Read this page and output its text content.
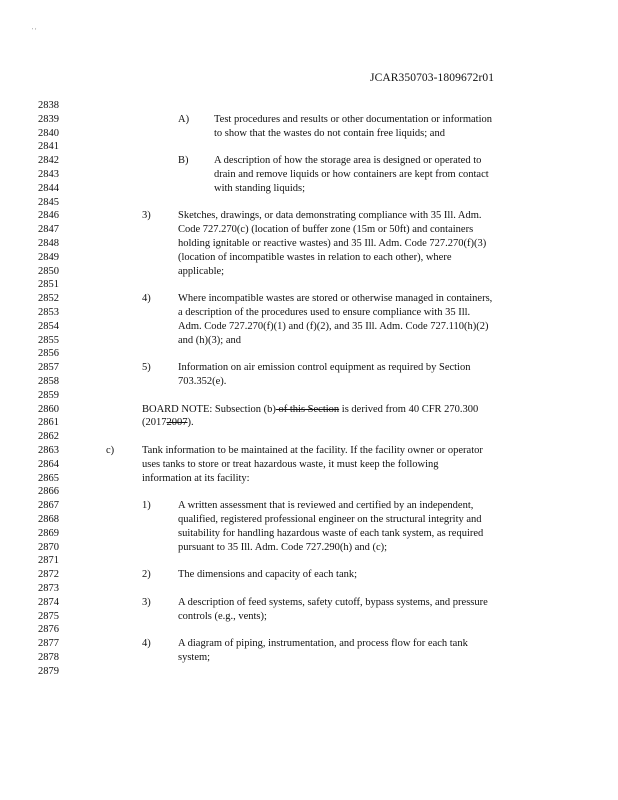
' ‘
JCAR350703-1809672r01
2838
2839
2840
2841
2842
2843
2844
2845
2846
2847
2848
2849
2850
2851
2852
2853
2854
2855
2856
2857
2858
2859
2860
2861
2862
2863
2864
2865
2866
2867
2868
2869
2870
2871
2872
2873
2874
2875
2876
2877
2878
2879
A) Test procedures and results or other documentation or information
to show that the wastes do not contain free liquids; and
B) A description of how the storage area is designed or operated to
drain and remove liquids or how containers are kept from contact
with standing liquids;
3)	Sketches, drawings, or data demonstrating compliance with 35 Ill. Adm.
Code 727.270(c) (location of buffer zone (15m or 50ft) and containers
holding ignitable or reactive wastes) and 35 Ill. Adm. Code 727.270(f)(3)
(location of incompatible wastes in relation to each other), where
applicable;
4)	Where incompatible wastes are stored or otherwise managed in containers,
a description of the procedures used to ensure compliance with 35 Ill.
Adm. Code 727.270(f)(1) and (f)(2), and 35 Ill. Adm. Code 727.110(h)(2)
and (h)(3); and
5)	Information on air emission control equipment as required by Section
703.352(e).
BOARD NOTE: Subsection (b) of this Section is derived from 40 CFR 270.300
(20172007).
c)	Tank information to be maintained at the facility. If the facility owner or operator
uses tanks to store or treat hazardous waste, it must keep the following
information at its facility:
1)	A written assessment that is reviewed and certified by an independent,
qualified, registered professional engineer on the structural integrity and
suitability for handling hazardous waste of each tank system, as required
pursuant to 35 Ill. Adm. Code 727.290(h) and (c);
2)	The dimensions and capacity of each tank;
3)	A description of feed systems, safety cutoff, bypass systems, and pressure
controls (e.g., vents);
4)	A diagram of piping, instrumentation, and process flow for each tank
system;
